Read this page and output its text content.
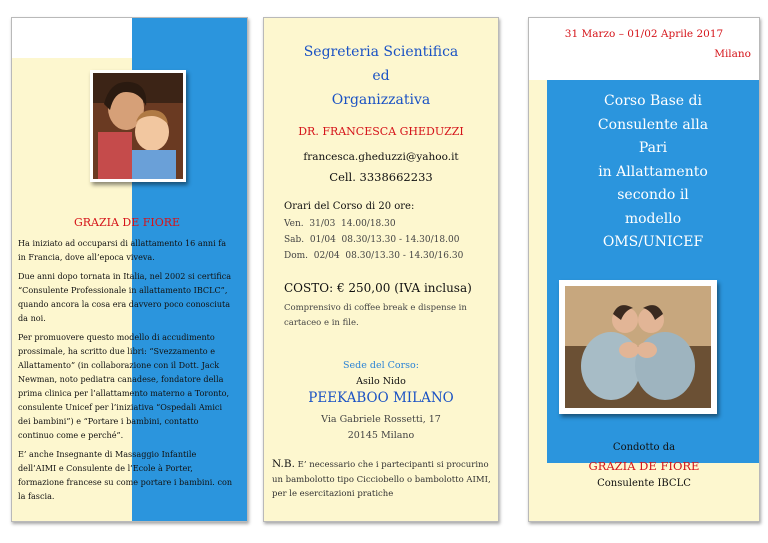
GRAZIA DE FIORE

Ha iniziato ad occuparsi di allattamento 16 anni fa in Francia, dove all’epoca viveva.

Due anni dopo tornata in Italia, nel 2002 si certifica “Consulente Professionale in allattamento IBCLC”, quando ancora la cosa era davvero poco conosciuta da noi.

Per promuovere questo modello di accudimento prossimale, ha scritto due libri: “Svezzamento e Allattamento” (in collaborazione con il Dott. Jack Newman, noto pediatra canadese, fondatore della prima clinica per l’allattamento materno a Toronto, consulente Unicef per l’iniziativa “Ospedali Amici dei bambini”) e “Portare i bambini, contatto continuo come e perché”.

E’ anche Insegnante di Massaggio Infantile dell’AIMI e Consulente de l’Ecole à Porter, formazione francese su come portare i bambini. con la fascia.

Segreteria Scientifica
ed
Organizzativa
DR. FRANCESCA GHEDUZZI
francesca.gheduzzi@yahoo.it
Cell. 3338662233
Orari del Corso di 20 ore:
Ven.  31/03  14.00/18.30
Sab.  01/04  08.30/13.30 - 14.30/18.00
Dom.  02/04  08.30/13.30 - 14.30/16.30
COSTO: € 250,00 (IVA inclusa)
Comprensivo di coffee break e dispense in cartaceo e in file.
Sede del Corso:
Asilo Nido
PEEKABOO MILANO
Via Gabriele Rossetti, 17
20145 Milano
N.B. E’ necessario che i partecipanti si procurino un bambolotto tipo Cicciobello o bambolotto AIMI, per le esercitazioni pratiche
31 Marzo – 01/02 Aprile 2017
Milano
Corso Base di
Consulente alla
Pari
in Allattamento
secondo il
modello
OMS/UNICEF
Condotto da
GRAZIA DE FIORE
Consulente IBCLC
